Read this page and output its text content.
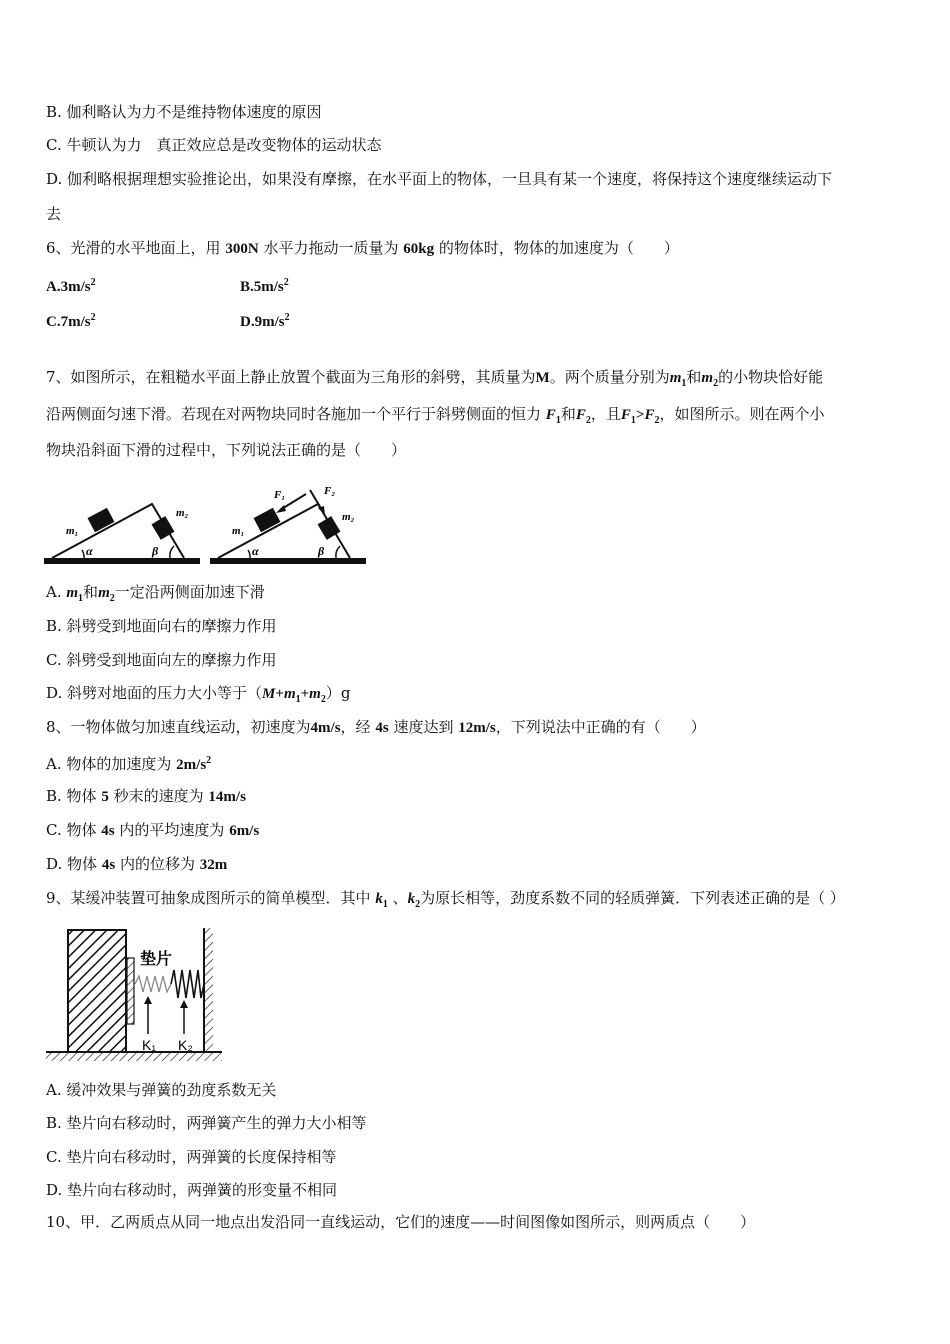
B. 伽利略认为力不是维持物体速度的原因
C. 牛顿认为力　真正效应总是改变物体的运动状态
D. 伽利略根据理想实验推论出，如果没有摩擦，在水平面上的物体，一旦具有某一个速度，将保持这个速度继续运动下
去
6、光滑的水平地面上，用 300N 水平力拖动一质量为 60kg 的物体时，物体的加速度为（　　）
$A.3m/s^2$	$B.5m/s^2$
$C.7m/s^2$	$D.9m/s^2$
7、如图所示，在粗糙水平面上静止放置个截面为三角形的斜劈，其质量为M。两个质量分别为$m_1$和$m_2$的小物块恰好能
沿两侧面匀速下滑。若现在对两物块同时各施加一个平行于斜劈侧面的恒力 $F_1$和$F_2$，且$F_1>F_2$，如图所示。则在两个小
物块沿斜面下滑的过程中，下列说法正确的是（　　）
m₁
m₂
α	β
m₁
m₂
F₁	F₂
α	β
A. $m_1$和$m_2$一定沿两侧面加速下滑
B. 斜劈受到地面向右的摩擦力作用
C. 斜劈受到地面向左的摩擦力作用
D. 斜劈对地面的压力大小等于$(M+m_1+m_2)g$
8、一物体做匀加速直线运动，初速度为4m/s，经 4s 速度达到 12m/s，下列说法中正确的有（　　）
A. 物体的加速度为 $2m/s^2$
B. 物体 5 秒末的速度为 14m/s
C. 物体 4s 内的平均速度为 6m/s
D. 物体 4s 内的位移为 32m
9、某缓冲装置可抽象成图所示的简单模型．其中 $k_1$ 、$k_2$为原长相等，劲度系数不同的轻质弹簧．下列表述正确的是（ ）
垫片
K₁ K₂
A. 缓冲效果与弹簧的劲度系数无关
B. 垫片向右移动时，两弹簧产生的弹力大小相等
C. 垫片向右移动时，两弹簧的长度保持相等
D. 垫片向右移动时，两弹簧的形变量不相同
10、甲．乙两质点从同一地点出发沿同一直线运动，它们的速度——时间图像如图所示，则两质点（　　）
